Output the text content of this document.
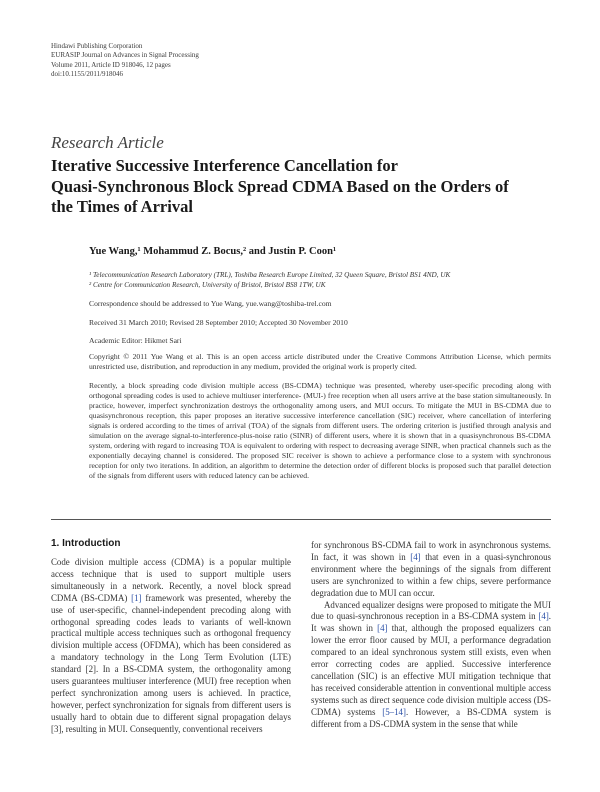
Hindawi Publishing Corporation
EURASIP Journal on Advances in Signal Processing
Volume 2011, Article ID 918046, 12 pages
doi:10.1155/2011/918046
Research Article
Iterative Successive Interference Cancellation for
Quasi-Synchronous Block Spread CDMA Based on the Orders of
the Times of Arrival
Yue Wang,¹ Mohammud Z. Bocus,² and Justin P. Coon¹
¹ Telecommunication Research Laboratory (TRL), Toshiba Research Europe Limited, 32 Queen Square, Bristol BS1 4ND, UK
² Centre for Communication Research, University of Bristol, Bristol BS8 1TW, UK
Correspondence should be addressed to Yue Wang, yue.wang@toshiba-trel.com
Received 31 March 2010; Revised 28 September 2010; Accepted 30 November 2010
Academic Editor: Hikmet Sari
Copyright © 2011 Yue Wang et al. This is an open access article distributed under the Creative Commons Attribution License, which permits unrestricted use, distribution, and reproduction in any medium, provided the original work is properly cited.
Recently, a block spreading code division multiple access (BS-CDMA) technique was presented, whereby user-specific precoding along with orthogonal spreading codes is used to achieve multiuser interference- (MUI-) free reception when all users arrive at the base station simultaneously. In practice, however, imperfect synchronization destroys the orthogonality among users, and MUI occurs. To mitigate the MUI in BS-CDMA due to quasisynchronous reception, this paper proposes an iterative successive interference cancellation (SIC) receiver, where cancellation of interfering signals is ordered according to the times of arrival (TOA) of the signals from different users. The ordering criterion is justified through analysis and simulation on the average signal-to-interference-plus-noise ratio (SINR) of different users, where it is shown that in a quasisynchronous BS-CDMA system, ordering with regard to increasing TOA is equivalent to ordering with respect to decreasing average SINR, when practical channels such as the exponentially decaying channel is considered. The proposed SIC receiver is shown to achieve a performance close to a system with synchronous reception for only two iterations. In addition, an algorithm to determine the detection order of different blocks is proposed such that parallel detection of the signals from different users with reduced latency can be achieved.
1. Introduction

Code division multiple access (CDMA) is a popular multiple access technique that is used to support multiple users simultaneously in a network. Recently, a novel block spread CDMA (BS-CDMA) [1] framework was presented, whereby the use of user-specific, channel-independent precoding along with orthogonal spreading codes leads to variants of well-known practical multiple access techniques such as orthogonal frequency division multiple access (OFDMA), which has been considered as a mandatory technology in the Long Term Evolution (LTE) standard [2]. In a BS-CDMA system, the orthogonality among users guarantees multiuser interference (MUI) free reception when perfect synchronization among users is achieved. In practice, however, perfect synchronization for signals from different users is usually hard to obtain due to different signal propagation delays [3], resulting in MUI. Consequently, conventional receivers

for synchronous BS-CDMA fail to work in asynchronous systems. In fact, it was shown in [4] that even in a quasi-synchronous environment where the beginnings of the signals from different users are synchronized to within a few chips, severe performance degradation due to MUI can occur.

Advanced equalizer designs were proposed to mitigate the MUI due to quasi-synchronous reception in a BS-CDMA system in [4]. It was shown in [4] that, although the proposed equalizers can lower the error floor caused by MUI, a performance degradation compared to an ideal synchronous system still exists, even when error correcting codes are applied. Successive interference cancellation (SIC) is an effective MUI mitigation technique that has received considerable attention in conventional multiple access systems such as direct sequence code division multiple access (DS-CDMA) systems [5–14]. However, a BS-CDMA system is different from a DS-CDMA system in the sense that while
